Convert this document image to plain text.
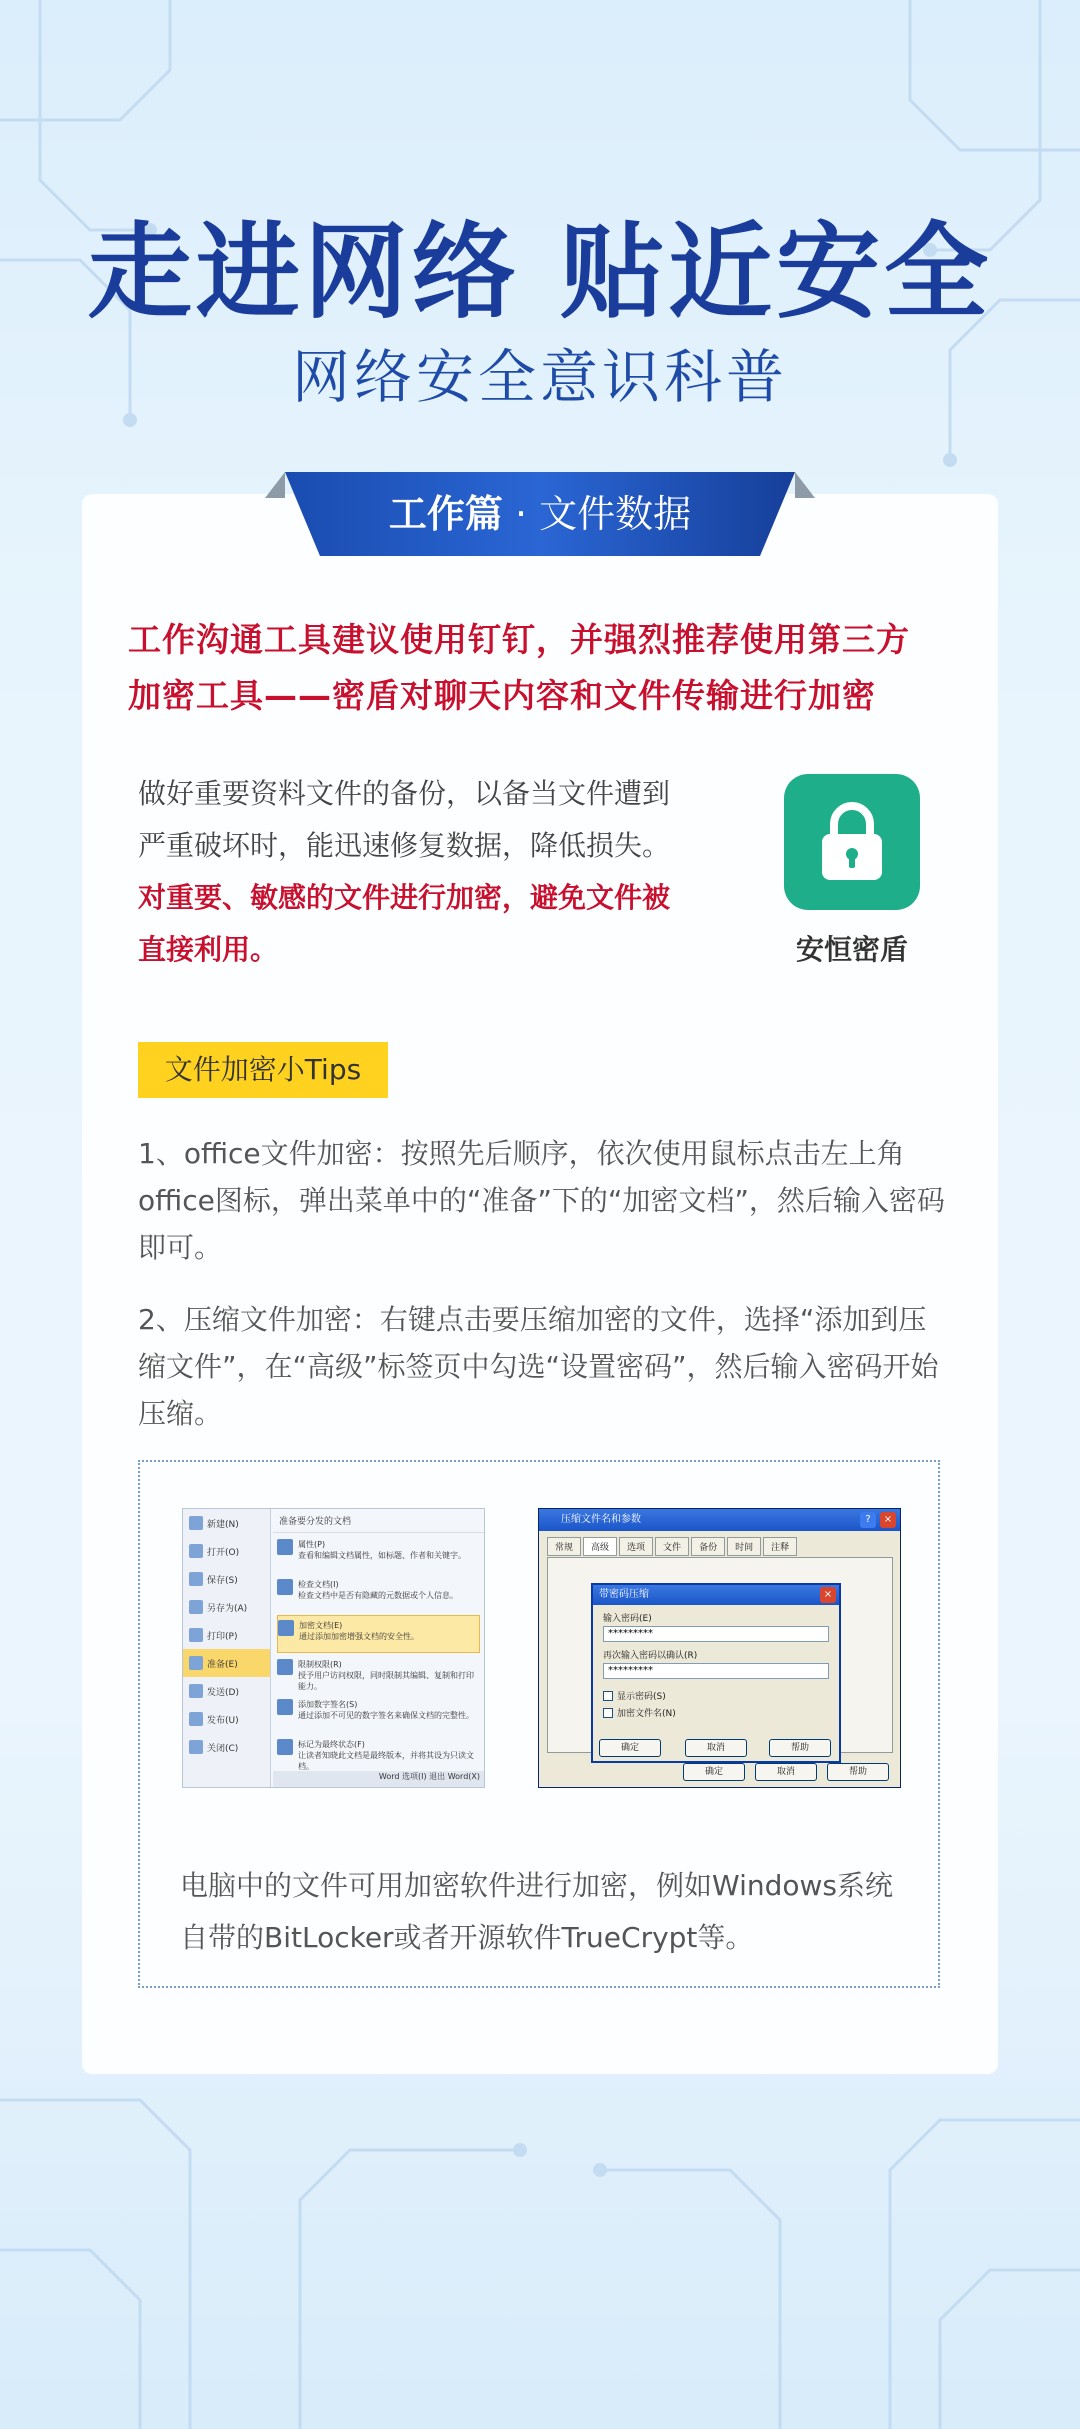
走进网络 贴近安全
网络安全意识科普
工作篇 · 文件数据
工作沟通工具建议使用钉钉，并强烈推荐使用第三方
加密工具——密盾对聊天内容和文件传输进行加密
做好重要资料文件的备份，以备当文件遭到
严重破坏时，能迅速修复数据，降低损失。
对重要、敏感的文件进行加密，避免文件被
直接利用。	安恒密盾
文件加密小Tips
1、office文件加密：按照先后顺序，依次使用鼠标点击左上角office图标，弹出菜单中的“准备”下的“加密文档”，然后输入密码即可。
2、压缩文件加密：右键点击要压缩加密的文件，选择“添加到压缩文件”，在“高级”标签页中勾选“设置密码”，然后输入密码开始压缩。
新建(N)
打开(O)
保存(S)
另存为(A)
打印(P)
准备(E)
发送(D)
发布(U)
关闭(C)
准备要分发的文档
属性(P)
查看和编辑文档属性，如标题、作者和关键字。
检查文档(I)
检查文档中是否有隐藏的元数据或个人信息。
加密文档(E)
通过添加加密增强文档的安全性。
限制权限(R)
授予用户访问权限，同时限制其编辑、复制和打印能力。
添加数字签名(S)
通过添加不可见的数字签名来确保文档的完整性。
标记为最终状态(F)
让读者知晓此文档是最终版本，并将其设为只读文档。
Word 选项(I) 退出 Word(X)
压缩文件名和参数	?	×
常规	高级	选项	文件	备份	时间	注释
确定	取消	帮助
带密码压缩	×
输入密码(E)
*********
再次输入密码以确认(R)
*********
显示密码(S)
加密文件名(N)
确定	取消	帮助
电脑中的文件可用加密软件进行加密，例如Windows系统自带的BitLocker或者开源软件TrueCrypt等。
